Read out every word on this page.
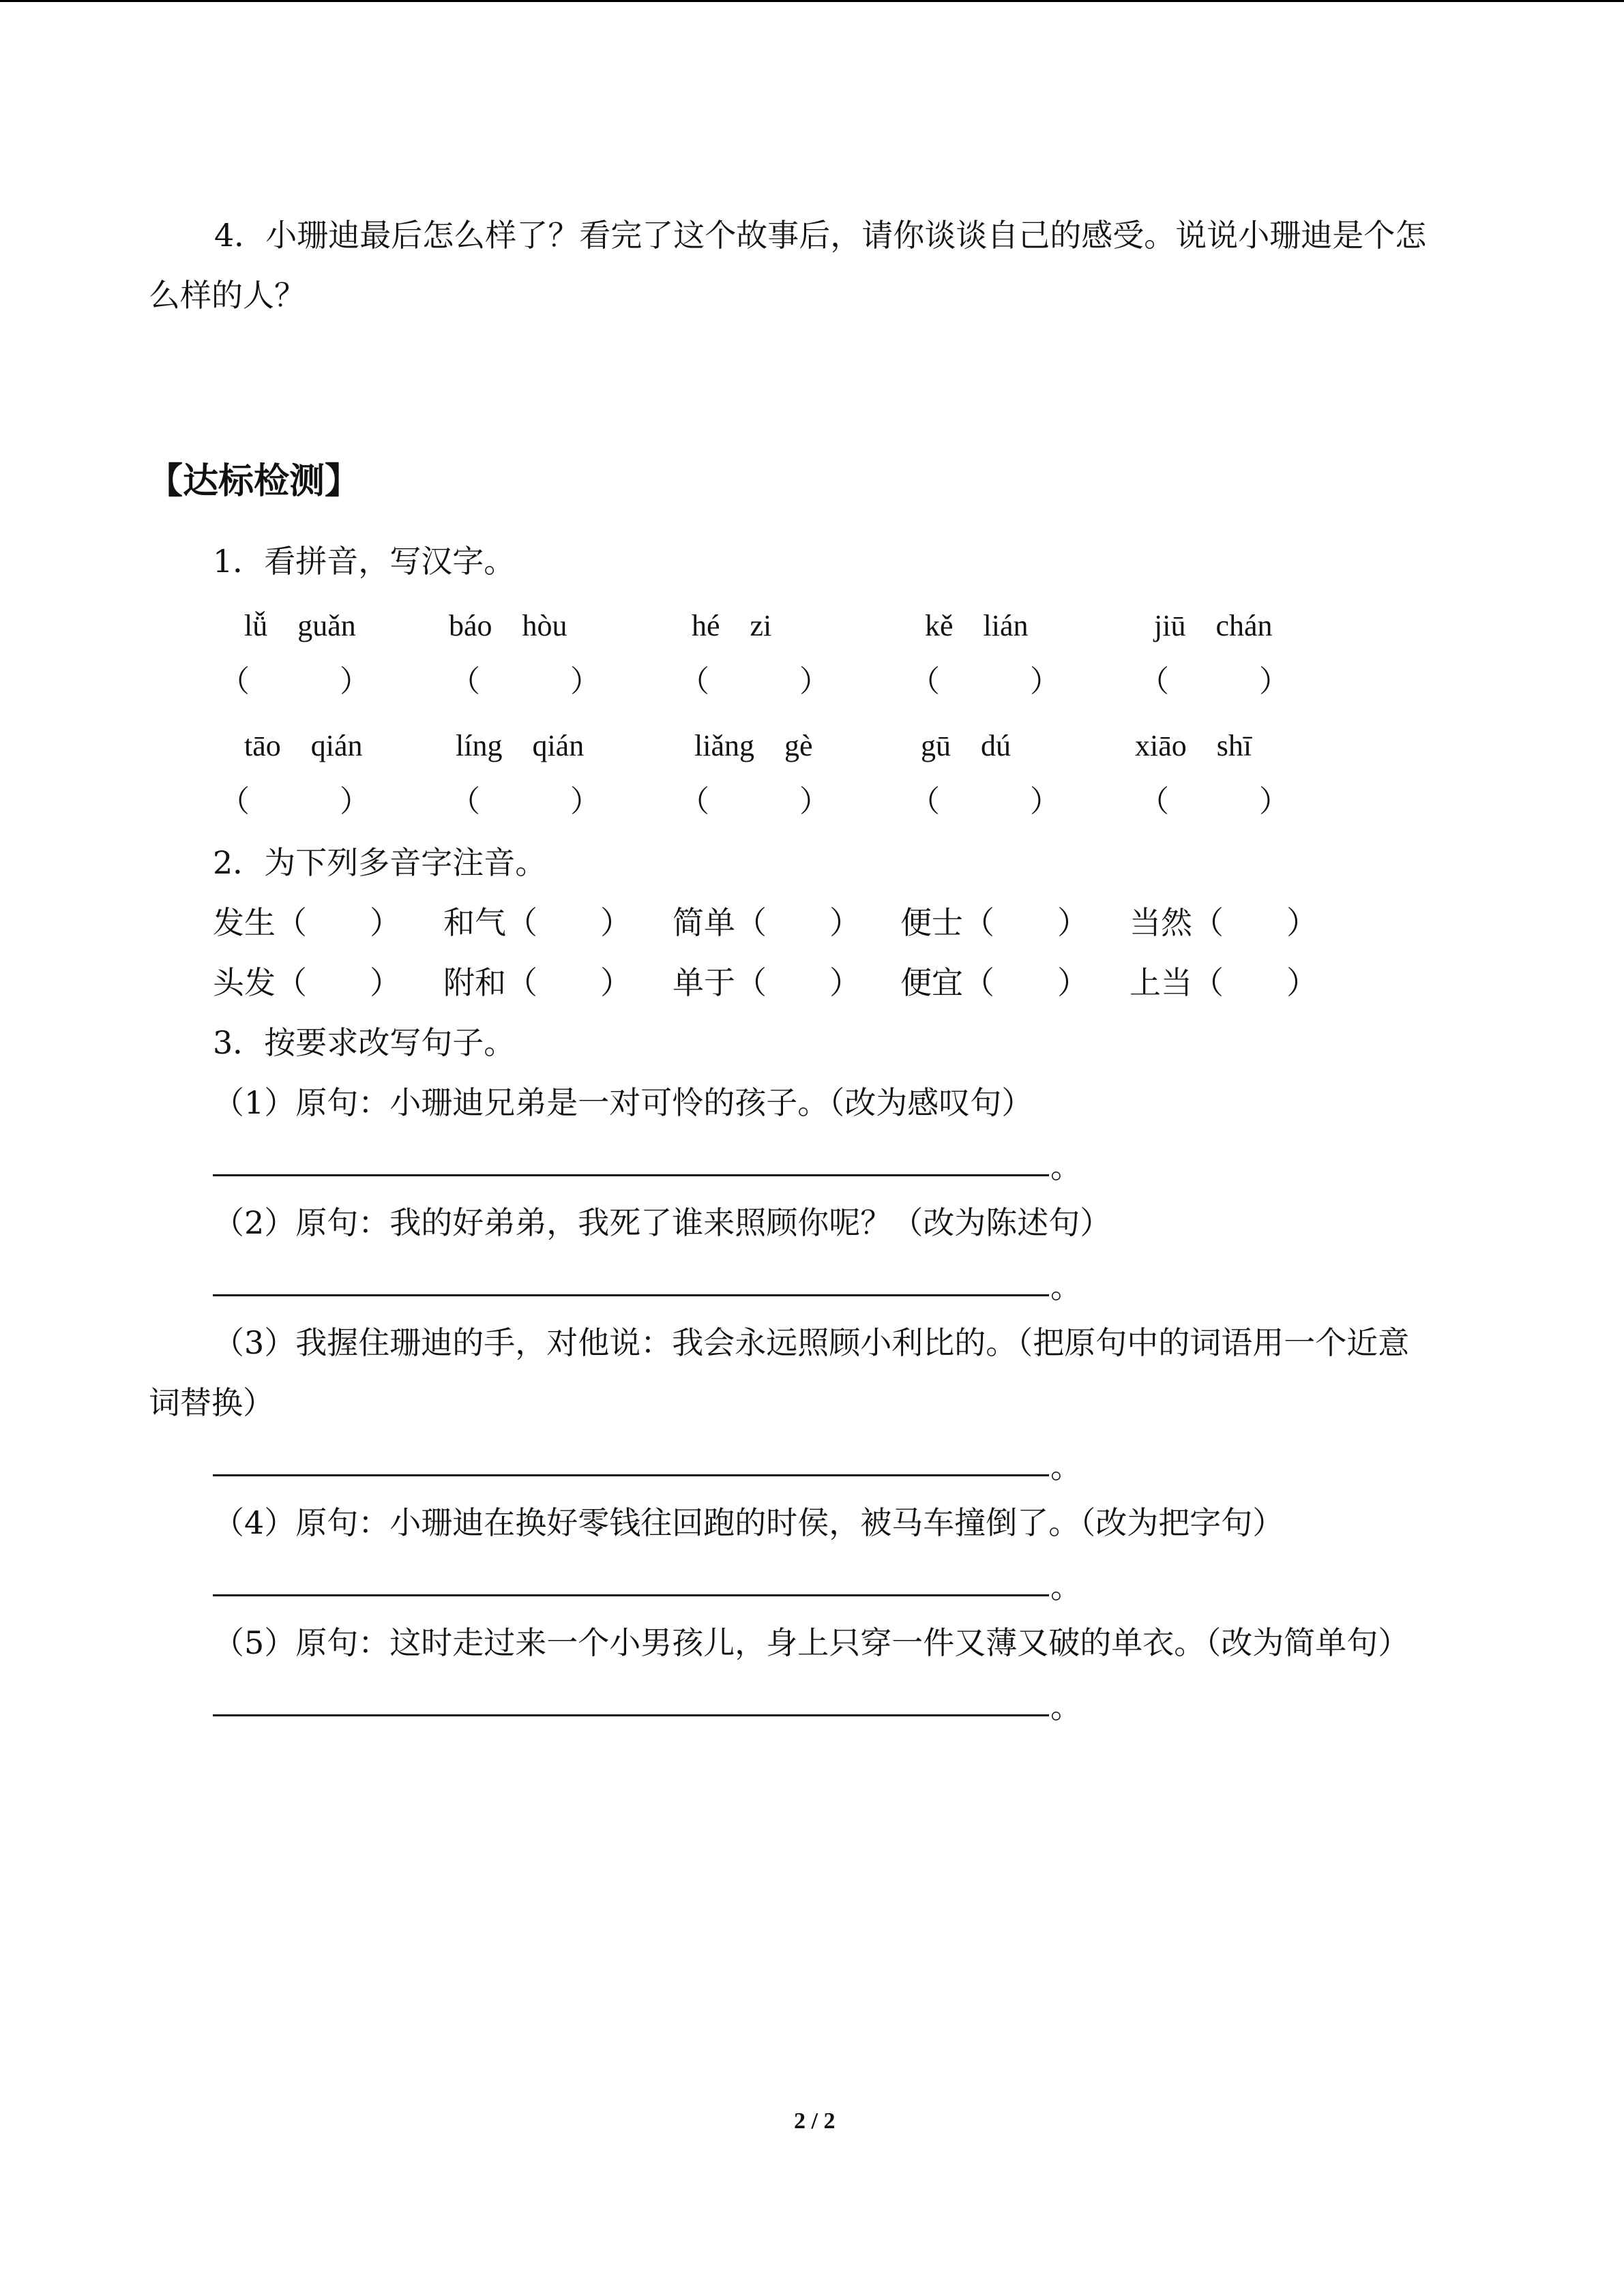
4．小珊迪最后怎么样了？看完了这个故事后，请你谈谈自己的感受。说说小珊迪是个怎
么样的人？
【达标检测】
1．看拼音，写汉字。
lǚ　guǎn	báo　hòu	hé　zi	kě　lián	jiū　chán
（	）	（	）	（	）	（	）	（	）
tāo　qián	líng　qián	liǎng　gè	gū　dú	xiāo　shī
（	）	（	）	（	）	（	）	（	）
2．为下列多音字注音。
发生（　　） 和气（　　） 简单（　　） 便士（　　） 当然（　　）
头发（　　） 附和（　　） 单于（　　） 便宜（　　） 上当（　　）
3．按要求改写句子。
（1）原句：小珊迪兄弟是一对可怜的孩子。（改为感叹句）
。
（2）原句：我的好弟弟，我死了谁来照顾你呢？（改为陈述句）
。
（3）我握住珊迪的手，对他说：我会永远照顾小利比的。（把原句中的词语用一个近意
词替换）
。
（4）原句：小珊迪在换好零钱往回跑的时侯，被马车撞倒了。（改为把字句）
。
（5）原句：这时走过来一个小男孩儿，身上只穿一件又薄又破的单衣。（改为简单句）
。
2 / 2
